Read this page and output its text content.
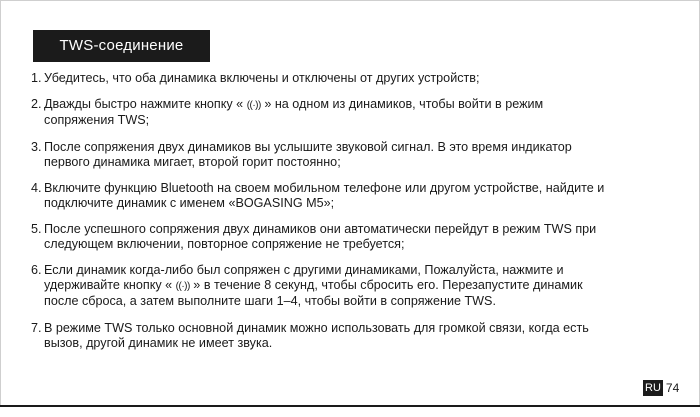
TWS-соединение
1. Убедитесь, что оба динамика включены и отключены от других устройств;
2. Дважды быстро нажмите кнопку « ((·)) » на одном из динамиков, чтобы войти в режим
сопряжения TWS;
3. После сопряжения двух динамиков вы услышите звуковой сигнал. В это время индикатор
первого динамика мигает, второй горит постоянно;
4. Включите функцию Bluetooth на своем мобильном телефоне или другом устройстве, найдите и
подключите динамик с именем «BOGASING M5»;
5. После успешного сопряжения двух динамиков они автоматически перейдут в режим TWS при
следующем включении, повторное сопряжение не требуется;
6. Если динамик когда-либо был сопряжен с другими динамиками, Пожалуйста, нажмите и
удерживайте кнопку « ((·)) » в течение 8 секунд, чтобы сбросить его. Перезапустите динамик
после сброса, а затем выполните шаги 1–4, чтобы войти в сопряжение TWS.
7. В режиме TWS только основной динамик можно использовать для громкой связи, когда есть
вызов, другой динамик не имеет звука.
RU 74
